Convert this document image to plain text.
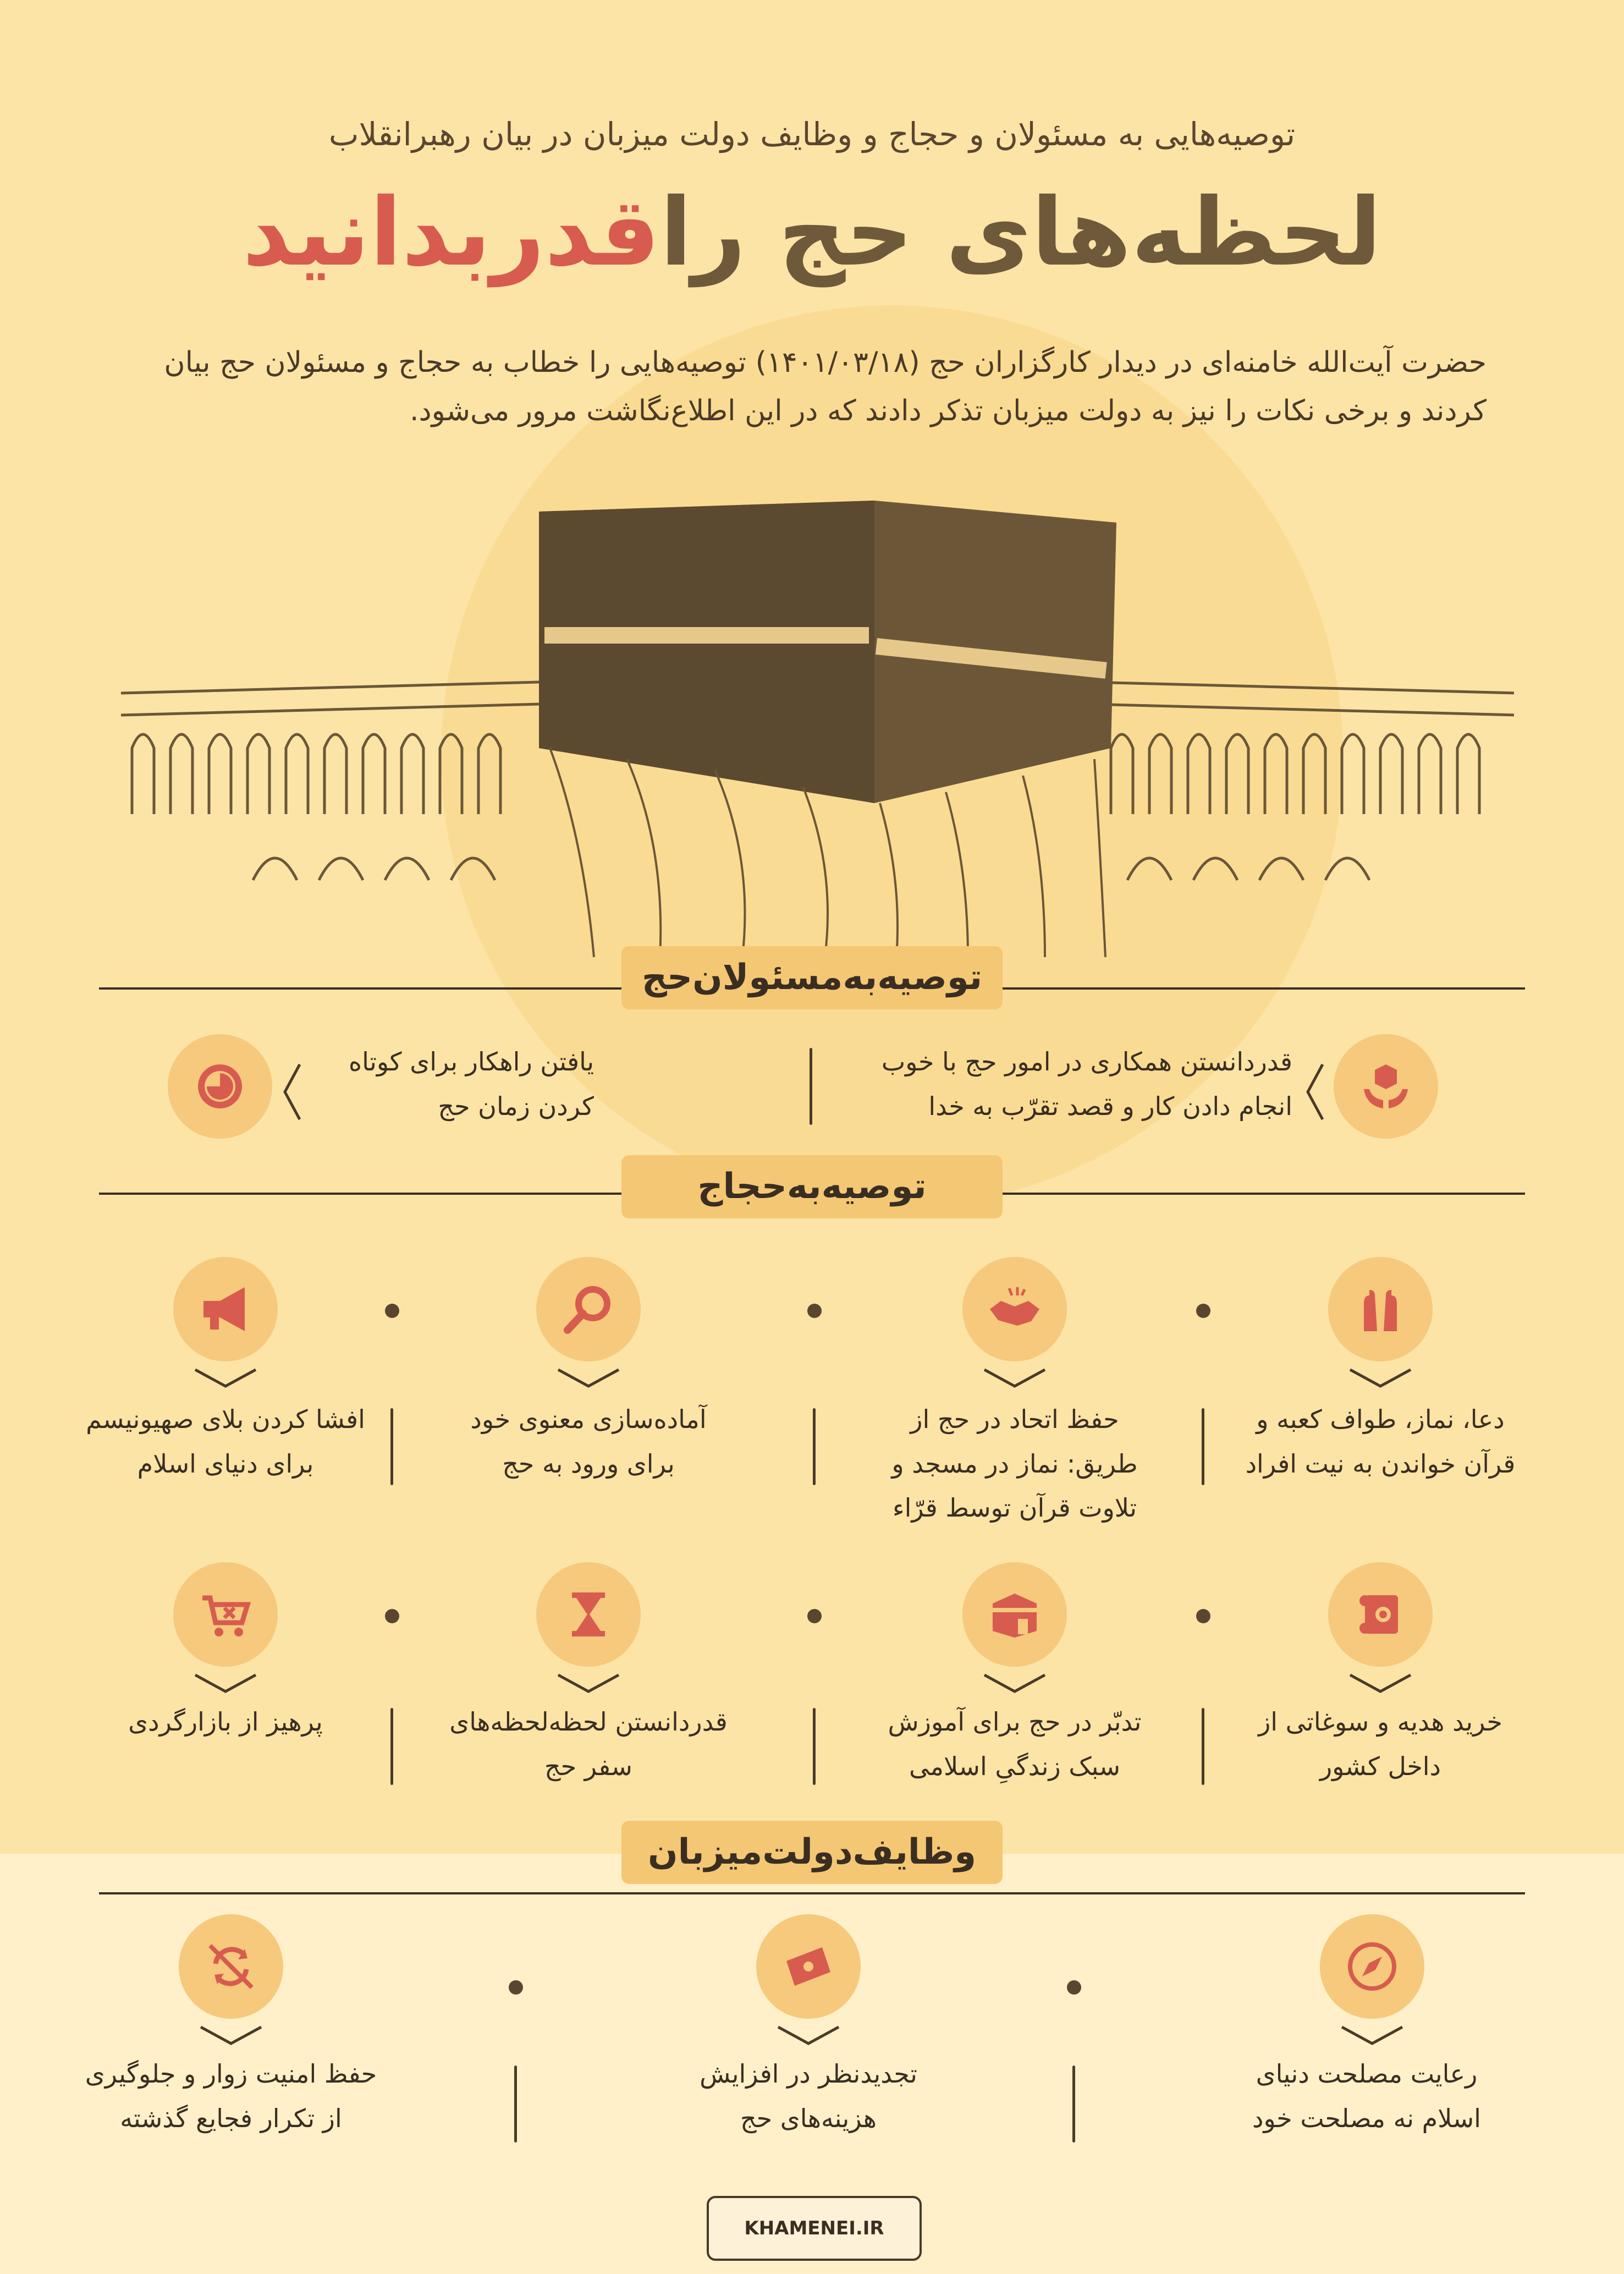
توصیه‌هایی به مسئولان و حجاج و وظایف دولت میزبان در بیان رهبرانقلاب
لحظه‌های حج راقدربدانید
حضرت آیت‌الله خامنه‌ای در دیدار کارگزاران حج (۱۴۰۱/۰۳/۱۸) توصیه‌هایی را خطاب به حجاج و مسئولان حج بیان کردند و برخی نکات را نیز به دولت میزبان تذکر دادند که در این اطلاع‌نگاشت مرور می‌شود.
توصیه‌به‌مسئولان‌حج
قدردانستن همکاری در امور حج با خوب انجام دادن کار و قصد تقرّب به خدا
یافتن راهکار برای کوتاه کردن زمان حج
توصیه‌به‌حجاج
دعا، نماز، طواف کعبه و قرآن خواندن به نیت افراد
حفظ اتحاد در حج از طریق: نماز در مسجد و تلاوت قرآن توسط قرّاء
آماده‌سازی معنوی خود برای ورود به حج
افشا کردن بلای صهیونیسم برای دنیای اسلام
خرید هدیه و سوغاتی از داخل کشور
تدبّر در حج برای آموزش سبک زندگیِ اسلامی
قدردانستن لحظه‌لحظه‌های سفر حج
پرهیز از بازارگردی
وظایف‌دولت‌میزبان
رعایت مصلحت دنیای اسلام نه مصلحت خود
تجدیدنظر در افزایش هزینه‌های حج
حفظ امنیت زوار و جلوگیری از تکرار فجایع گذشته
KHAMENEI.IR
